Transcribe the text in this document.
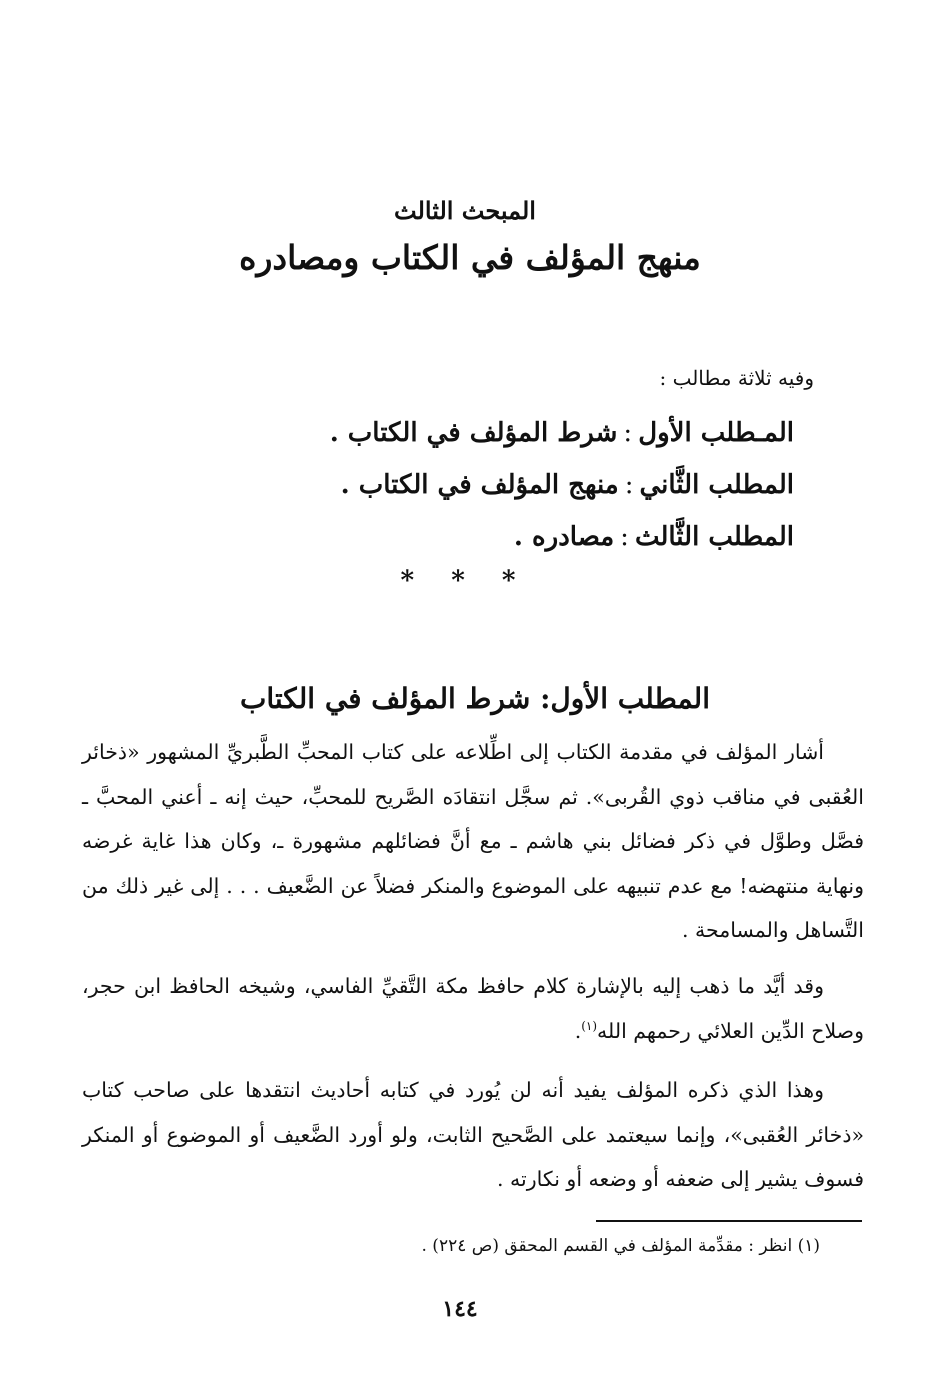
المبحث الثالث
منهج المؤلف في الكتاب ومصادره
وفيه ثلاثة مطالب :
المـطلب الأول:شرط المؤلف في الكتاب .
المطلب الثَّاني:منهج المؤلف في الكتاب .
المطلب الثَّالث:مصادره .
* * *
المطلب الأول: شرط المؤلف في الكتاب

أشار المؤلف في مقدمة الكتاب إلى اطِّلاعه على كتاب المحبِّ الطَّبريِّ المشهور «ذخائر العُقبى في مناقب ذوي القُربى». ثم سجَّل انتقادَه الصَّريح للمحبِّ، حيث إنه ـ أعني المحبَّ ـ فصَّل وطوَّل في ذكر فضائل بني هاشم ـ مع أنَّ فضائلهم مشهورة ـ، وكان هذا غاية غرضه ونهاية منتهضه! مع عدم تنبيهه على الموضوع والمنكر فضلاً عن الضَّعيف . . . إلى غير ذلك من التَّساهل والمسامحة .

وقد أيَّد ما ذهب إليه بالإشارة كلام حافظ مكة التَّقيِّ الفاسي، وشيخه الحافظ ابن حجر، وصلاح الدِّين العلائي رحمهم الله$^{(١)}$.

وهذا الذي ذكره المؤلف يفيد أنه لن يُورد في كتابه أحاديث انتقدها على صاحب كتاب «ذخائر العُقبى»، وإنما سيعتمد على الصَّحيح الثابت، ولو أورد الضَّعيف أو الموضوع أو المنكر فسوف يشير إلى ضعفه أو وضعه أو نكارته .

(١) انظر : مقدِّمة المؤلف في القسم المحقق (ص ٢٢٤) .
١٤٤
